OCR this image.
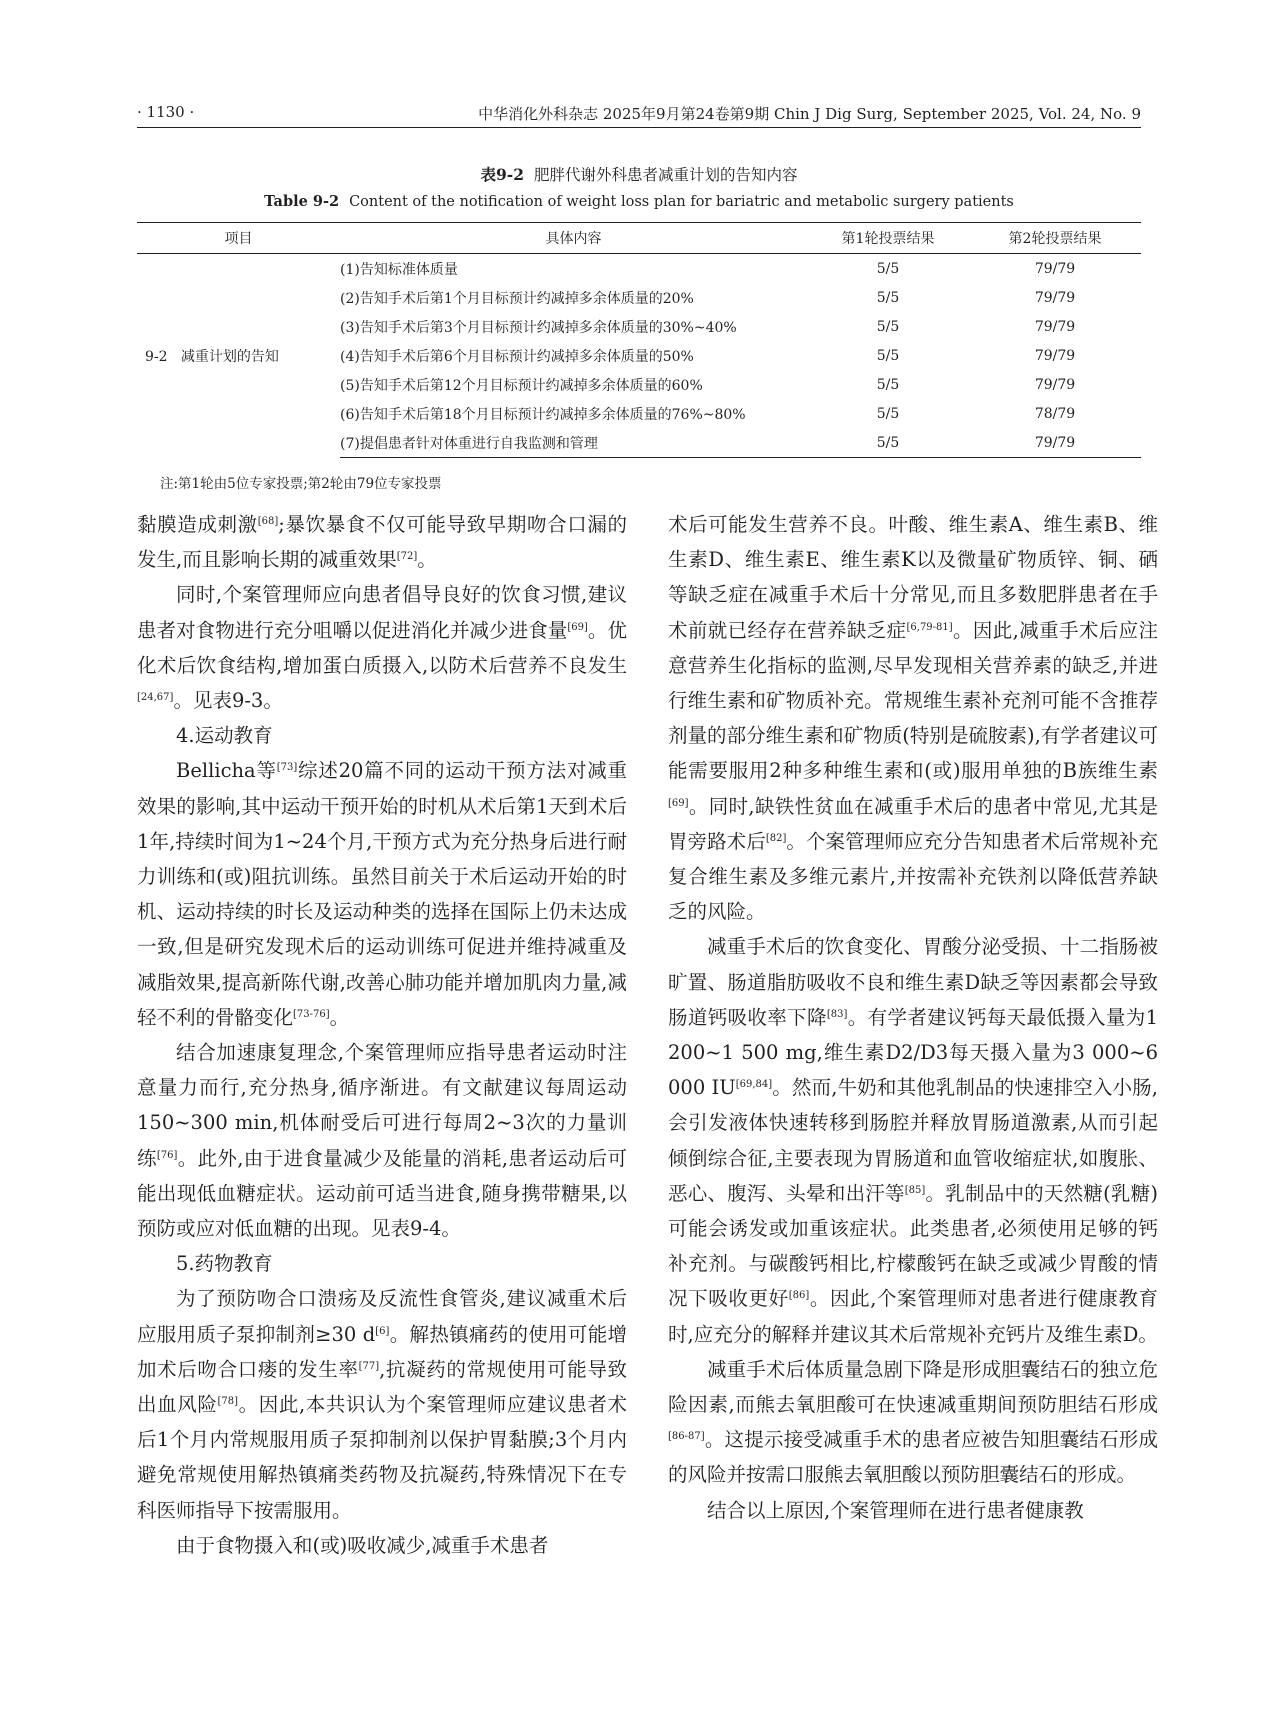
· 1130 ·	中华消化外科杂志 2025年9月第24卷第9期 Chin J Dig Surg, September 2025, Vol. 24, No. 9
表9-2 肥胖代谢外科患者减重计划的告知内容
Table 9-2 Content of the notification of weight loss plan for bariatric and metabolic surgery patients
项目	具体内容	第1轮投票结果	第2轮投票结果
9-2   减重计划的告知	(1)告知标准体质量	5/5	79/79
	(2)告知手术后第1个月目标预计约减掉多余体质量的20%	5/5	79/79
	(3)告知手术后第3个月目标预计约减掉多余体质量的30%~40%	5/5	79/79
	(4)告知手术后第6个月目标预计约减掉多余体质量的50%	5/5	79/79
	(5)告知手术后第12个月目标预计约减掉多余体质量的60%	5/5	79/79
	(6)告知手术后第18个月目标预计约减掉多余体质量的76%~80%	5/5	78/79
	(7)提倡患者针对体重进行自我监测和管理	5/5	79/79
注:第1轮由5位专家投票;第2轮由79位专家投票

黏膜造成刺激[68];暴饮暴食不仅可能导致早期吻合口漏的发生,而且影响长期的减重效果[72]。

同时,个案管理师应向患者倡导良好的饮食习惯,建议患者对食物进行充分咀嚼以促进消化并减少进食量[69]。优化术后饮食结构,增加蛋白质摄入,以防术后营养不良发生[24,67]。见表9-3。

4.运动教育

Bellicha等[73]综述20篇不同的运动干预方法对减重效果的影响,其中运动干预开始的时机从术后第1天到术后1年,持续时间为1~24个月,干预方式为充分热身后进行耐力训练和(或)阻抗训练。虽然目前关于术后运动开始的时机、运动持续的时长及运动种类的选择在国际上仍未达成一致,但是研究发现术后的运动训练可促进并维持减重及减脂效果,提高新陈代谢,改善心肺功能并增加肌肉力量,减轻不利的骨骼变化[73-76]。

结合加速康复理念,个案管理师应指导患者运动时注意量力而行,充分热身,循序渐进。有文献建议每周运动150~300 min,机体耐受后可进行每周2~3次的力量训练[76]。此外,由于进食量减少及能量的消耗,患者运动后可能出现低血糖症状。运动前可适当进食,随身携带糖果,以预防或应对低血糖的出现。见表9-4。

5.药物教育

为了预防吻合口溃疡及反流性食管炎,建议减重术后应服用质子泵抑制剂≥30 d[6]。解热镇痛药的使用可能增加术后吻合口瘘的发生率[77],抗凝药的常规使用可能导致出血风险[78]。因此,本共识认为个案管理师应建议患者术后1个月内常规服用质子泵抑制剂以保护胃黏膜;3个月内避免常规使用解热镇痛类药物及抗凝药,特殊情况下在专科医师指导下按需服用。

由于食物摄入和(或)吸收减少,减重手术患者

术后可能发生营养不良。叶酸、维生素A、维生素B、维生素D、维生素E、维生素K以及微量矿物质锌、铜、硒等缺乏症在减重手术后十分常见,而且多数肥胖患者在手术前就已经存在营养缺乏症[6,79-81]。因此,减重手术后应注意营养生化指标的监测,尽早发现相关营养素的缺乏,并进行维生素和矿物质补充。常规维生素补充剂可能不含推荐剂量的部分维生素和矿物质(特别是硫胺素),有学者建议可能需要服用2种多种维生素和(或)服用单独的B族维生素[69]。同时,缺铁性贫血在减重手术后的患者中常见,尤其是胃旁路术后[82]。个案管理师应充分告知患者术后常规补充复合维生素及多维元素片,并按需补充铁剂以降低营养缺乏的风险。

减重手术后的饮食变化、胃酸分泌受损、十二指肠被旷置、肠道脂肪吸收不良和维生素D缺乏等因素都会导致肠道钙吸收率下降[83]。有学者建议钙每天最低摄入量为1 200~1 500 mg,维生素D2/D3每天摄入量为3 000~6 000 IU[69,84]。然而,牛奶和其他乳制品的快速排空入小肠,会引发液体快速转移到肠腔并释放胃肠道激素,从而引起倾倒综合征,主要表现为胃肠道和血管收缩症状,如腹胀、恶心、腹泻、头晕和出汗等[85]。乳制品中的天然糖(乳糖)可能会诱发或加重该症状。此类患者,必须使用足够的钙补充剂。与碳酸钙相比,柠檬酸钙在缺乏或减少胃酸的情况下吸收更好[86]。因此,个案管理师对患者进行健康教育时,应充分的解释并建议其术后常规补充钙片及维生素D。

减重手术后体质量急剧下降是形成胆囊结石的独立危险因素,而熊去氧胆酸可在快速减重期间预防胆结石形成[86-87]。这提示接受减重手术的患者应被告知胆囊结石形成的风险并按需口服熊去氧胆酸以预防胆囊结石的形成。

结合以上原因,个案管理师在进行患者健康教
